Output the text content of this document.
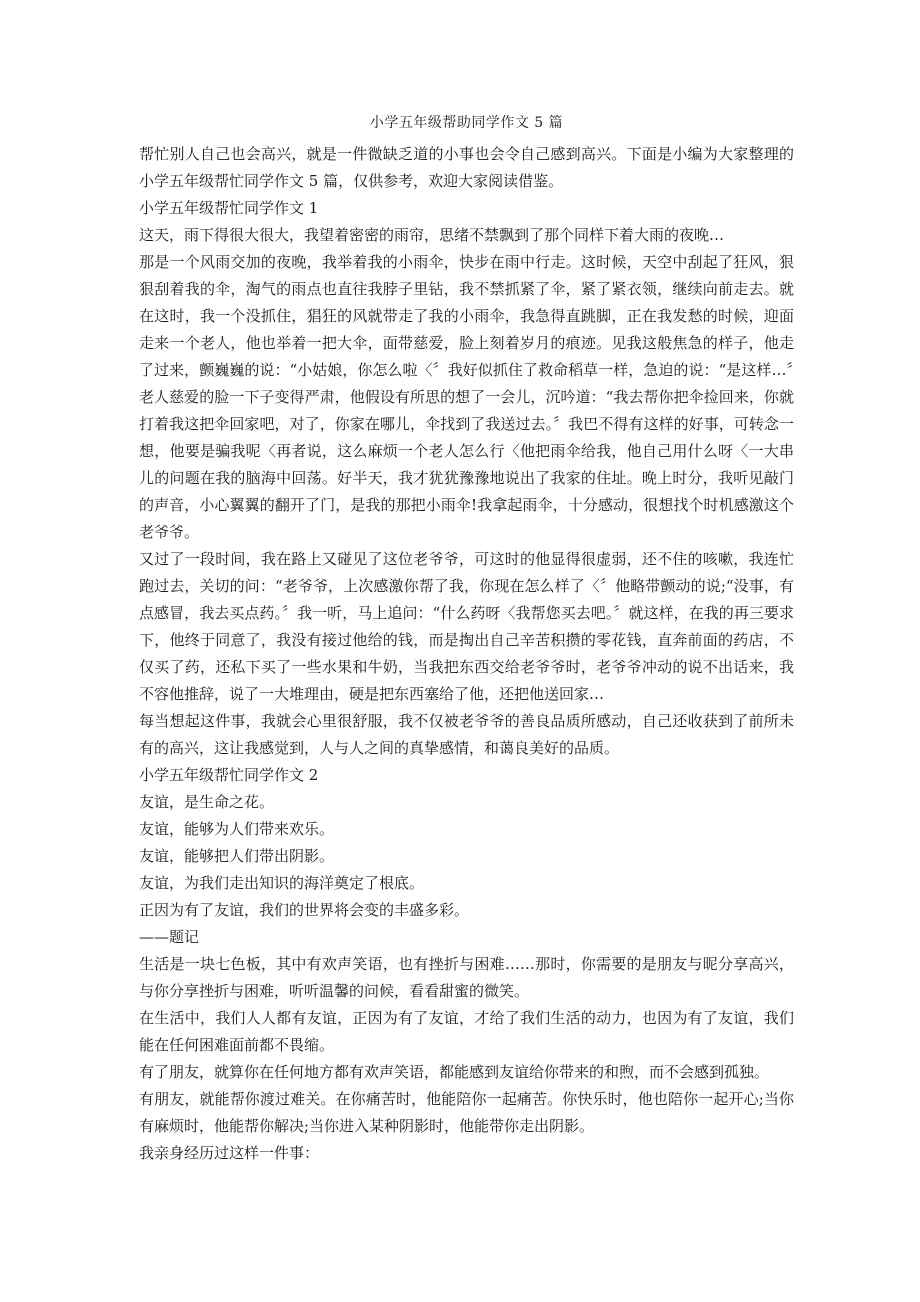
小学五年级帮助同学作文 5 篇

帮忙别人自己也会高兴，就是一件微缺乏道的小事也会令自己感到高兴。下面是小编为大家整理的小学五年级帮忙同学作文 5 篇，仅供参考，欢迎大家阅读借鉴。

小学五年级帮忙同学作文 1

这天，雨下得很大很大，我望着密密的雨帘，思绪不禁飘到了那个同样下着大雨的夜晚…

那是一个风雨交加的夜晚，我举着我的小雨伞，快步在雨中行走。这时候，天空中刮起了狂风，狠狠刮着我的伞，淘气的雨点也直往我脖子里钻，我不禁抓紧了伞，紧了紧衣领，继续向前走去。就在这时，我一个没抓住，猖狂的风就带走了我的小雨伞，我急得直跳脚，正在我发愁的时候，迎面走来一个老人，他也举着一把大伞，面带慈爱，脸上刻着岁月的痕迹。见我这般焦急的样子，他走了过来，颤巍巍的说：“小姑娘，你怎么啦〈〞我好似抓住了救命稻草一样，急迫的说：“是这样…〞老人慈爱的脸一下子变得严肃，他假设有所思的想了一会儿，沉吟道：“我去帮你把伞捡回来，你就打着我这把伞回家吧，对了，你家在哪儿，伞找到了我送过去。〞我巴不得有这样的好事，可转念一想，他要是骗我呢〈再者说，这么麻烦一个老人怎么行〈他把雨伞给我，他自己用什么呀〈一大串儿的问题在我的脑海中回荡。好半天，我才犹犹豫豫地说出了我家的住址。晚上时分，我听见敲门的声音，小心翼翼的翻开了门，是我的那把小雨伞!我拿起雨伞，十分感动，很想找个时机感激这个老爷爷。

又过了一段时间，我在路上又碰见了这位老爷爷，可这时的他显得很虚弱，还不住的咳嗽，我连忙跑过去，关切的问：“老爷爷，上次感激你帮了我，你现在怎么样了〈〞他略带颤动的说;“没事，有点感冒，我去买点药。〞我一听，马上追问：“什么药呀〈我帮您买去吧。〞就这样，在我的再三要求下，他终于同意了，我没有接过他给的钱，而是掏出自己辛苦积攒的零花钱，直奔前面的药店，不仅买了药，还私下买了一些水果和牛奶，当我把东西交给老爷爷时，老爷爷冲动的说不出话来，我不容他推辞，说了一大堆理由，硬是把东西塞给了他，还把他送回家…

每当想起这件事，我就会心里很舒服，我不仅被老爷爷的善良品质所感动，自己还收获到了前所未有的高兴，这让我感觉到，人与人之间的真挚感情，和蔼良美好的品质。

小学五年级帮忙同学作文 2

友谊，是生命之花。

友谊，能够为人们带来欢乐。

友谊，能够把人们带出阴影。

友谊，为我们走出知识的海洋奠定了根底。

正因为有了友谊，我们的世界将会变的丰盛多彩。

——题记

生活是一块七色板，其中有欢声笑语，也有挫折与困难……那时，你需要的是朋友与昵分享高兴，与你分享挫折与困难，听听温馨的问候，看看甜蜜的微笑。

在生活中，我们人人都有友谊，正因为有了友谊，才给了我们生活的动力，也因为有了友谊，我们能在任何困难面前都不畏缩。

有了朋友，就算你在任何地方都有欢声笑语，都能感到友谊给你带来的和煦，而不会感到孤独。

有朋友，就能帮你渡过难关。在你痛苦时，他能陪你一起痛苦。你快乐时，他也陪你一起开心;当你有麻烦时，他能帮你解决;当你进入某种阴影时，他能带你走出阴影。

我亲身经历过这样一件事：
